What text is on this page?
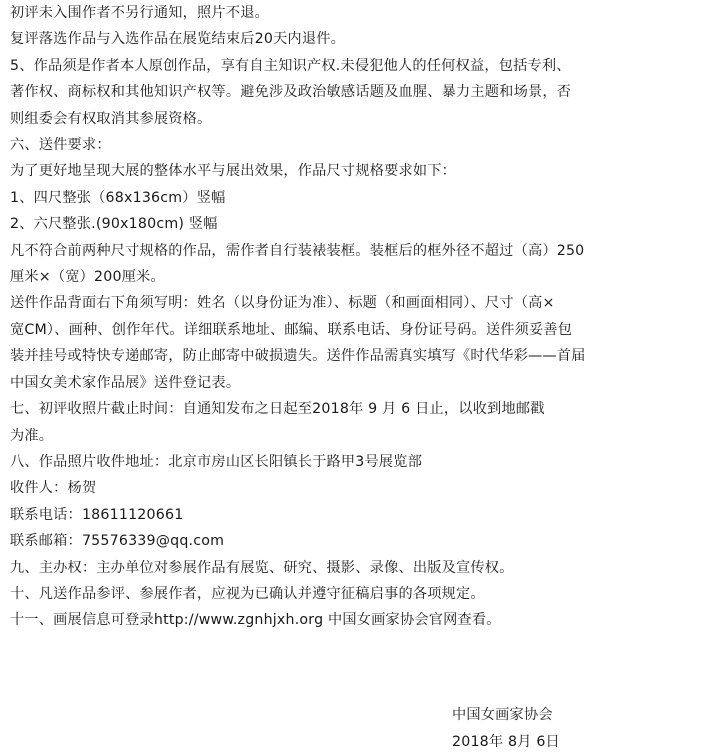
初评未入围作者不另行通知，照片不退。
复评落选作品与入选作品在展览结束后20天内退件。
5、作品须是作者本人原创作品，享有自主知识产权.未侵犯他人的任何权益，包括专利、
著作权、商标权和其他知识产权等。避免涉及政治敏感话题及血腥、暴力主题和场景，否
则组委会有权取消其参展资格。
六、送件要求：
为了更好地呈现大展的整体水平与展出效果，作品尺寸规格要求如下：
1、四尺整张（68x136cm）竖幅
2、六尺整张.(90x180cm) 竖幅
凡不符合前两种尺寸规格的作品，需作者自行装裱装框。装框后的框外径不超过（高）250
厘米×（宽）200厘米。
送件作品背面右下角须写明：姓名（以身份证为准）、标题（和画面相同）、尺寸（高×
宽CM）、画种、创作年代。详细联系地址、邮编、联系电话、身份证号码。送件须妥善包
装并挂号或特快专递邮寄，防止邮寄中破损遗失。送件作品需真实填写《时代华彩——首届
中国女美术家作品展》送件登记表。
七、初评收照片截止时间：自通知发布之日起至2018年 9 月 6 日止，以收到地邮戳
为准。
八、作品照片收件地址：北京市房山区长阳镇长于路甲3号展览部
收件人：杨贺
联系电话：18611120661
联系邮箱：75576339@qq.com
九、主办权：主办单位对参展作品有展览、研究、摄影、录像、出版及宣传权。
十、凡送作品参评、参展作者，应视为已确认并遵守征稿启事的各项规定。
十一、画展信息可登录http://www.zgnhjxh.org 中国女画家协会官网查看。
中国女画家协会
2018年 8月 6日
